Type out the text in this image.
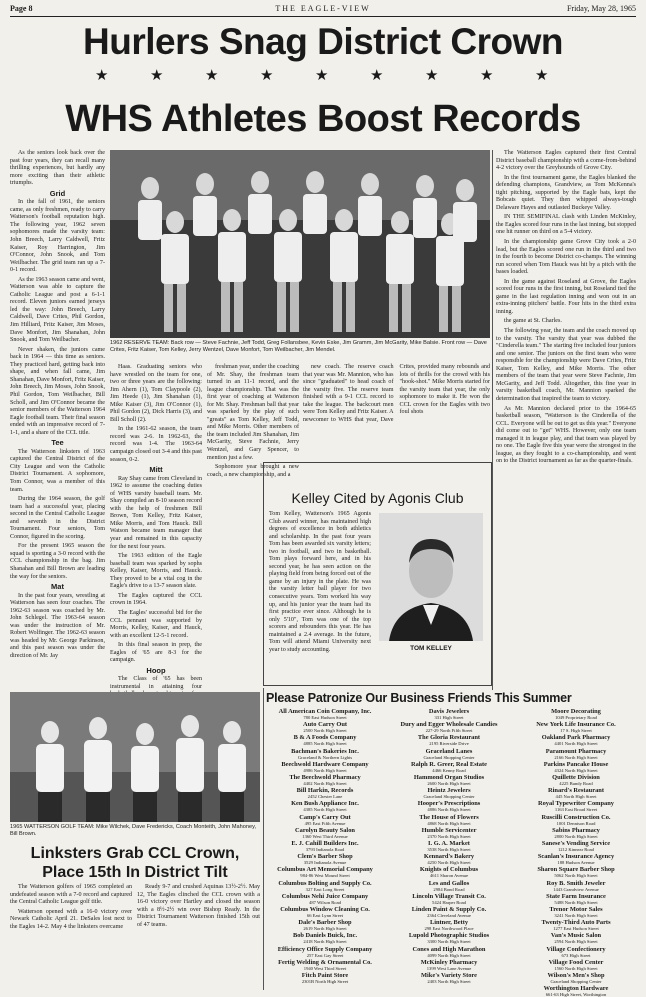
Page 8	THE EAGLE-VIEW	Friday, May 28, 1965
Hurlers Snag District Crown
★	★	★	★	★	★	★	★	★
WHS Athletes Boost Records

As the seniors look back over the past four years, they can recall many thrilling experiences, but hardly any more exciting than their athletic triumphs.

Grid

In the fall of 1961, the seniors came, as only freshmen, ready to carry Watterson's football reputation high. The following year, 1962 seven sophomores made the varsity team: John Breech, Larry Caldwell, Fritz Kaiser, Roy Harrington, Jim O'Connor, John Snook, and Tom Weilbacher. The grid team ran up a 7-0-1 record.

As the 1963 season came and went, Watterson was able to capture the Catholic League and post a 6-1-1 record. Eleven juniors earned jerseys led the way: John Breech, Larry Caldwell, Dave Crites, Phil Gordon, Jim Hilliard, Fritz Kaiser, Jim Moses, Dave Monfort, Jim Shanahan, John Snook, and Tom Weilbacher.

Never shaken, the juniors came back in 1964 — this time as seniors. They practiced hard, getting back into shape, and when fall came, Jim Shanahan, Dave Monfort, Fritz Kaiser, John Breech, Jim Moses, John Snook, Phil Gordon, Tom Weilbacher, Bill Scholl, and Jim O'Connor became the senior members of the Watterson 1964 Eagle football team. Their final season ended with an impressive record of 7-1-1, and a share of the CCL title.

Tee

The Watterson linksters of 1963 captured the Central District of the City League and won the Catholic District Tournament. A sophomore, Tom Connor, was a member of this team.

During the 1964 season, the golf team had a successful year, placing second in the Central Catholic League and seventh in the District Tournament. Four seniors, Tom Connor, figured in the scoring.

For the present 1965 season the squad is sporting a 3-0 record with the CCL championship in the bag. Jim Shanahan and Bill Brown are leading the way for the seniors.

Mat

In the past four years, wrestling at Watterson has seen four coaches. The 1962-63 season was coached by Mr. John Schlegel. The 1963-64 season was under the instruction of Mr. Robert Wolfinger. The 1962-63 season was headed by Mr. George Parkinson, and this past season was under the direction of Mr. Jay

1962 RESERVE TEAM: Back row — Steve Fachnie, Jeff Todd, Greg Follansbee, Kevin Eske, Jim Gramm, Jim McGarity, Mike Balsie. Front row — Dave Crites, Fritz Kaiser, Tom Kelley, Jerry Wentzel, Dave Monfort, Tom Weilbacher, Jim Mendel.

Haas. Graduating seniors who have wrestled on the team for one, two or three years are the following: Jim Ahern (1), Tom Claypoole (2), Jim Heede (1), Jim Shanahan (1), Mike Kaiser (3), Jim O'Connor (1), Phil Gordon (2), Dick Harris (3), and Bill Scholl (2).

In the 1961-62 season, the team record was 2-6. In 1962-63, the record was 1-4. The 1963-64 campaign closed out 3-4 and this past season, 0-2.

Mitt

Ray Shay came from Cleveland in 1962 to assume the coaching duties of WHS varsity baseball team. Mr. Shay compiled an 8-10 season record with the help of freshmen Bill Brown, Tom Kelley, Fritz Kaiser, Mike Morris, and Tom Hauck. Bill Watson became team manager that year and remained in this capacity for the next four years.

The 1963 edition of the Eagle baseball team was sparked by sophs Kelley, Kaiser, Morris, and Hauck. They proved to be a vital cog in the Eagle's drive to a 13-7 season slate.

The Eagles captured the CCL crown in 1964.

The Eagles' successful bid for the CCL pennant was supported by Morris, Kelley, Kaiser, and Hauck, with an excellent 12-5-1 record.

In this final season in prep, the Eagles of '65 are 8-3 for the campaign.

Hoop

The Class of '65 has been instrumental in attaining four

freshman year, under the coaching of Mr. Shay, the freshman team turned in an 11-1 record, and the league championship. That was the first year of coaching at Watterson for Mr. Shay. Freshman ball that year was sparked by the play of such "greats" as Tom Kelley, Jeff Todd, and Mike Morris. Other members of the team included Jim Shanahan, Jim McGarity, Steve Fachnie, Jerry Wentzel, and Gary Spencer, to mention just a few.

Sophomore year brought a new coach, a new championship, and a

new coach. The reserve coach that year was Mr. Mannion, who has since "graduated" to head coach of the varsity five. The reserve team finished with a 9-1 CCL record to take the league. The backcourt men were Tom Kelley and Fritz Kaiser. A newcomer to WHS that year, Dave Crites, provided many rebounds and lots of thrills for the crowd with his "hook-shot." Mike Morris started for the varsity team that year, the only sophomore to make it. He won the CCL crown for the Eagles with two foul shots

The Watterson Eagles captured their first Central District baseball championship with a come-from-behind 4-2 victory over the Greyhounds of Grove City.

In the first tournament game, the Eagles blanked the defending champions, Grandview, as Tom McKenna's tight pitching, supported by the Eagle bats, kept the Bobcats quiet. They then whipped always-tough Delaware Hayes and outlasted Buckeye Valley.

IN THE SEMIFINAL clash with Linden McKinley, the Eagles scored four runs in the last inning, but stopped one hit runner on third on a 5-4 victory.

In the championship game Grove City took a 2-0 lead, but the Eagles scored one run in the third and two in the fourth to become District co-champs. The winning run scored when Tom Hauck was hit by a pitch with the bases loaded.

In the game against Roseland at Grove, the Eagles scored four runs in the first inning, but Roseland tied the game in the last regulation inning and won out in an extra-inning pitchers' battle. Four hits in the third extra inning.

the game at St. Charles.

The following year, the team and the coach moved up to the varsity. The varsity that year was dubbed the "Cinderella team." The starting five included four juniors and one senior. The juniors on the first team who were responsible for the championship were Dave Crites, Fritz Kaiser, Tom Kelley, and Mike Morris. The other members of the team that year were Steve Fachnie, Jim McGarity, and Jeff Todd. Altogether, this fine year in varsity basketball coach, Mr. Mannion sparked the determination that inspired the team to victory.

As Mr. Mannion declared prior to the 1964-65 basketball season, "Watterson is the Cinderella of the CCL. Everyone will be out to get us this year." Everyone did come out to "get" WHS. However, only one team managed it in league play, and that team was played by no one. The Eagle five this year were the strongest in the league, as they fought to a co-championship, and went on to the District tournament as far as the quarter-finals.

Kelley Cited by Agonis Club
Tom Kelley, Watterson's 1965 Agonis Club award winner, has maintained high degrees of excellence in both athletics and scholarship. In the past four years Tom has been awarded six varsity letters; two in football, and two in basketball. Tom plays forward here, and in his second year, he has seen action on the playing field from being forced out of the game by an injury in the plate. He was the varsity letter ball player for two consecutive years. Tom worked his way up, and his junior year the team had its first practice ever since. Although he is only 5'10", Tom was one of the top scorers and rebounders this year. He has maintained a 2.4 average. In the future, Tom will attend Miami University next year to study accounting.	TOM KELLEY
1965 WATTERSON GOLF TEAM: Mike Wilchek, Dave Fredericks, Coach Monteith, John Mahoney, Bill Brown.
Linksters Grab CCL Crown, Place 15th In District Tilt

The Watterson golfers of 1965 completed an undefeated season with a 7-0 record and captured the Central Catholic League golf title.

Watterson opened with a 16-0 victory over Newark Catholic April 21. DeSales lost next to the Eagles 14-2. May 4 the linksters overcame

Ready 9-7 and crushed Aquinas 13½-2½. May 12, The Eagles clinched the CCL crown with a 16-0 victory over Hartley and closed the season with a 8½-2½ win over Bishop Ready. In the District Tournament Watterson finished 15th out of 47 teams.

Please Patronize Our Business Friends This Summer
All American Coin Company, Inc.
780 East Hudson Street
Auto Carry Out
2500 North High Street
B & A Foods Company
4885 North High Street
Bachman's Bakeries Inc.
Graceland & Northern Lights
Beechwold Hardware Company
4986 North High Street
The Beechwold Pharmacy
4402 North High Street
Bill Harkin, Records
2452 Chester Lane
Ken Bush Appliance Inc.
4385 North High Street
Camp's Carry Out
495 East Fifth Avenue
Carolyn Beauty Salon
1360 West Third Avenue
E. J. Cahill Builders Inc.
3793 Indianola Road
Clem's Barber Shop
3529 Indianola Avenue
Columbus Art Memorial Company
984-86 West Mound Street
Columbus Bolting and Supply Co.
327 East Long Street
Columbus Nehi Juice Company
487 Wilson Road
Columbus Window Cleaning Co.
66 East Lynn Street
Dale's Barber Shop
2619 North High Street
Bob Daniels Buick, Inc.
2418 North High Street
Efficiency Office Supply Company
257 East Gay Street
Fertig Welding & Ornamental Co.
1940 West Third Street
Fitch Paint Store
2301B North High Street
Davis Jewelers
331 High Street
Dury and Egger Wholesale Candies
227-29 North Fifth Street
The Gloria Restaurant
2195 Riverside Drive
Graceland Lanes
Graceland Shopping Center
Ralph R. Greer, Real Estate
4466 Kenny Road
Hammond Organ Studios
2600 North High Street
Heintz Jewelers
Graceland Shopping Center
Hooper's Prescriptions
4886 North High Street
The House of Flowers
4868 North High Street
Humble Servicenter
2370 North High Street
I. G. A. Market
3538 North High Street
Kennard's Bakery
4250 North High Street
Knights of Columbus
4611 Sharon Avenue
Les and Gallos
2984 Bond Road
Lincoln Village Transit Co.
5424 Harper Road
Linden Paint & Supply Co.
2364 Cleveland Avenue
Lintner, Betty
298 East Northwood Place
Lupold Photographic Studios
3300 North High Street
Cones and High Marathon
4099 North High Street
McKinley Pharmacy
1399 West Lane Avenue
Mike's Variety Store
2403 North High Street
Moore Decorating
1049 Proprietary Road
New York Life Insurance Co.
17 S. High Street
Oakland Park Pharmacy
4401 North High Street
Paramount Pharmacy
2166 North High Street
Parkins Pancake House
4324 North High Street
Quillette Division
4225 Bundy Road
Rinard's Restaurant
445 North High Street
Royal Typewriter Company
1163 East Broad Street
Ruscilli Construction Co.
1001 Dennison Road
Sabins Pharmacy
2800 North High Street
Sanese's Vending Service
1212 Kinnear Road
Scanlan's Insurance Agency
188 Hudson Avenue
Sharon Square Barber Shop
5062 North High Street
Roy B. Smith Jeweler
1443 Grandview Avenue
State Farm Insurance
5488 North High Street
Trenor Motor Sales
3241 North High Street
Twenty-Third Auto Parts
1277 East Hudson Street
Van's Music Salon
2594 North High Street
Village Confectionery
673 High Street
Village Food Center
1560 North High Street
Wilson's Men's Shop
Graceland Shopping Center
Worthington Hardware
661-63 High Street, Worthington
